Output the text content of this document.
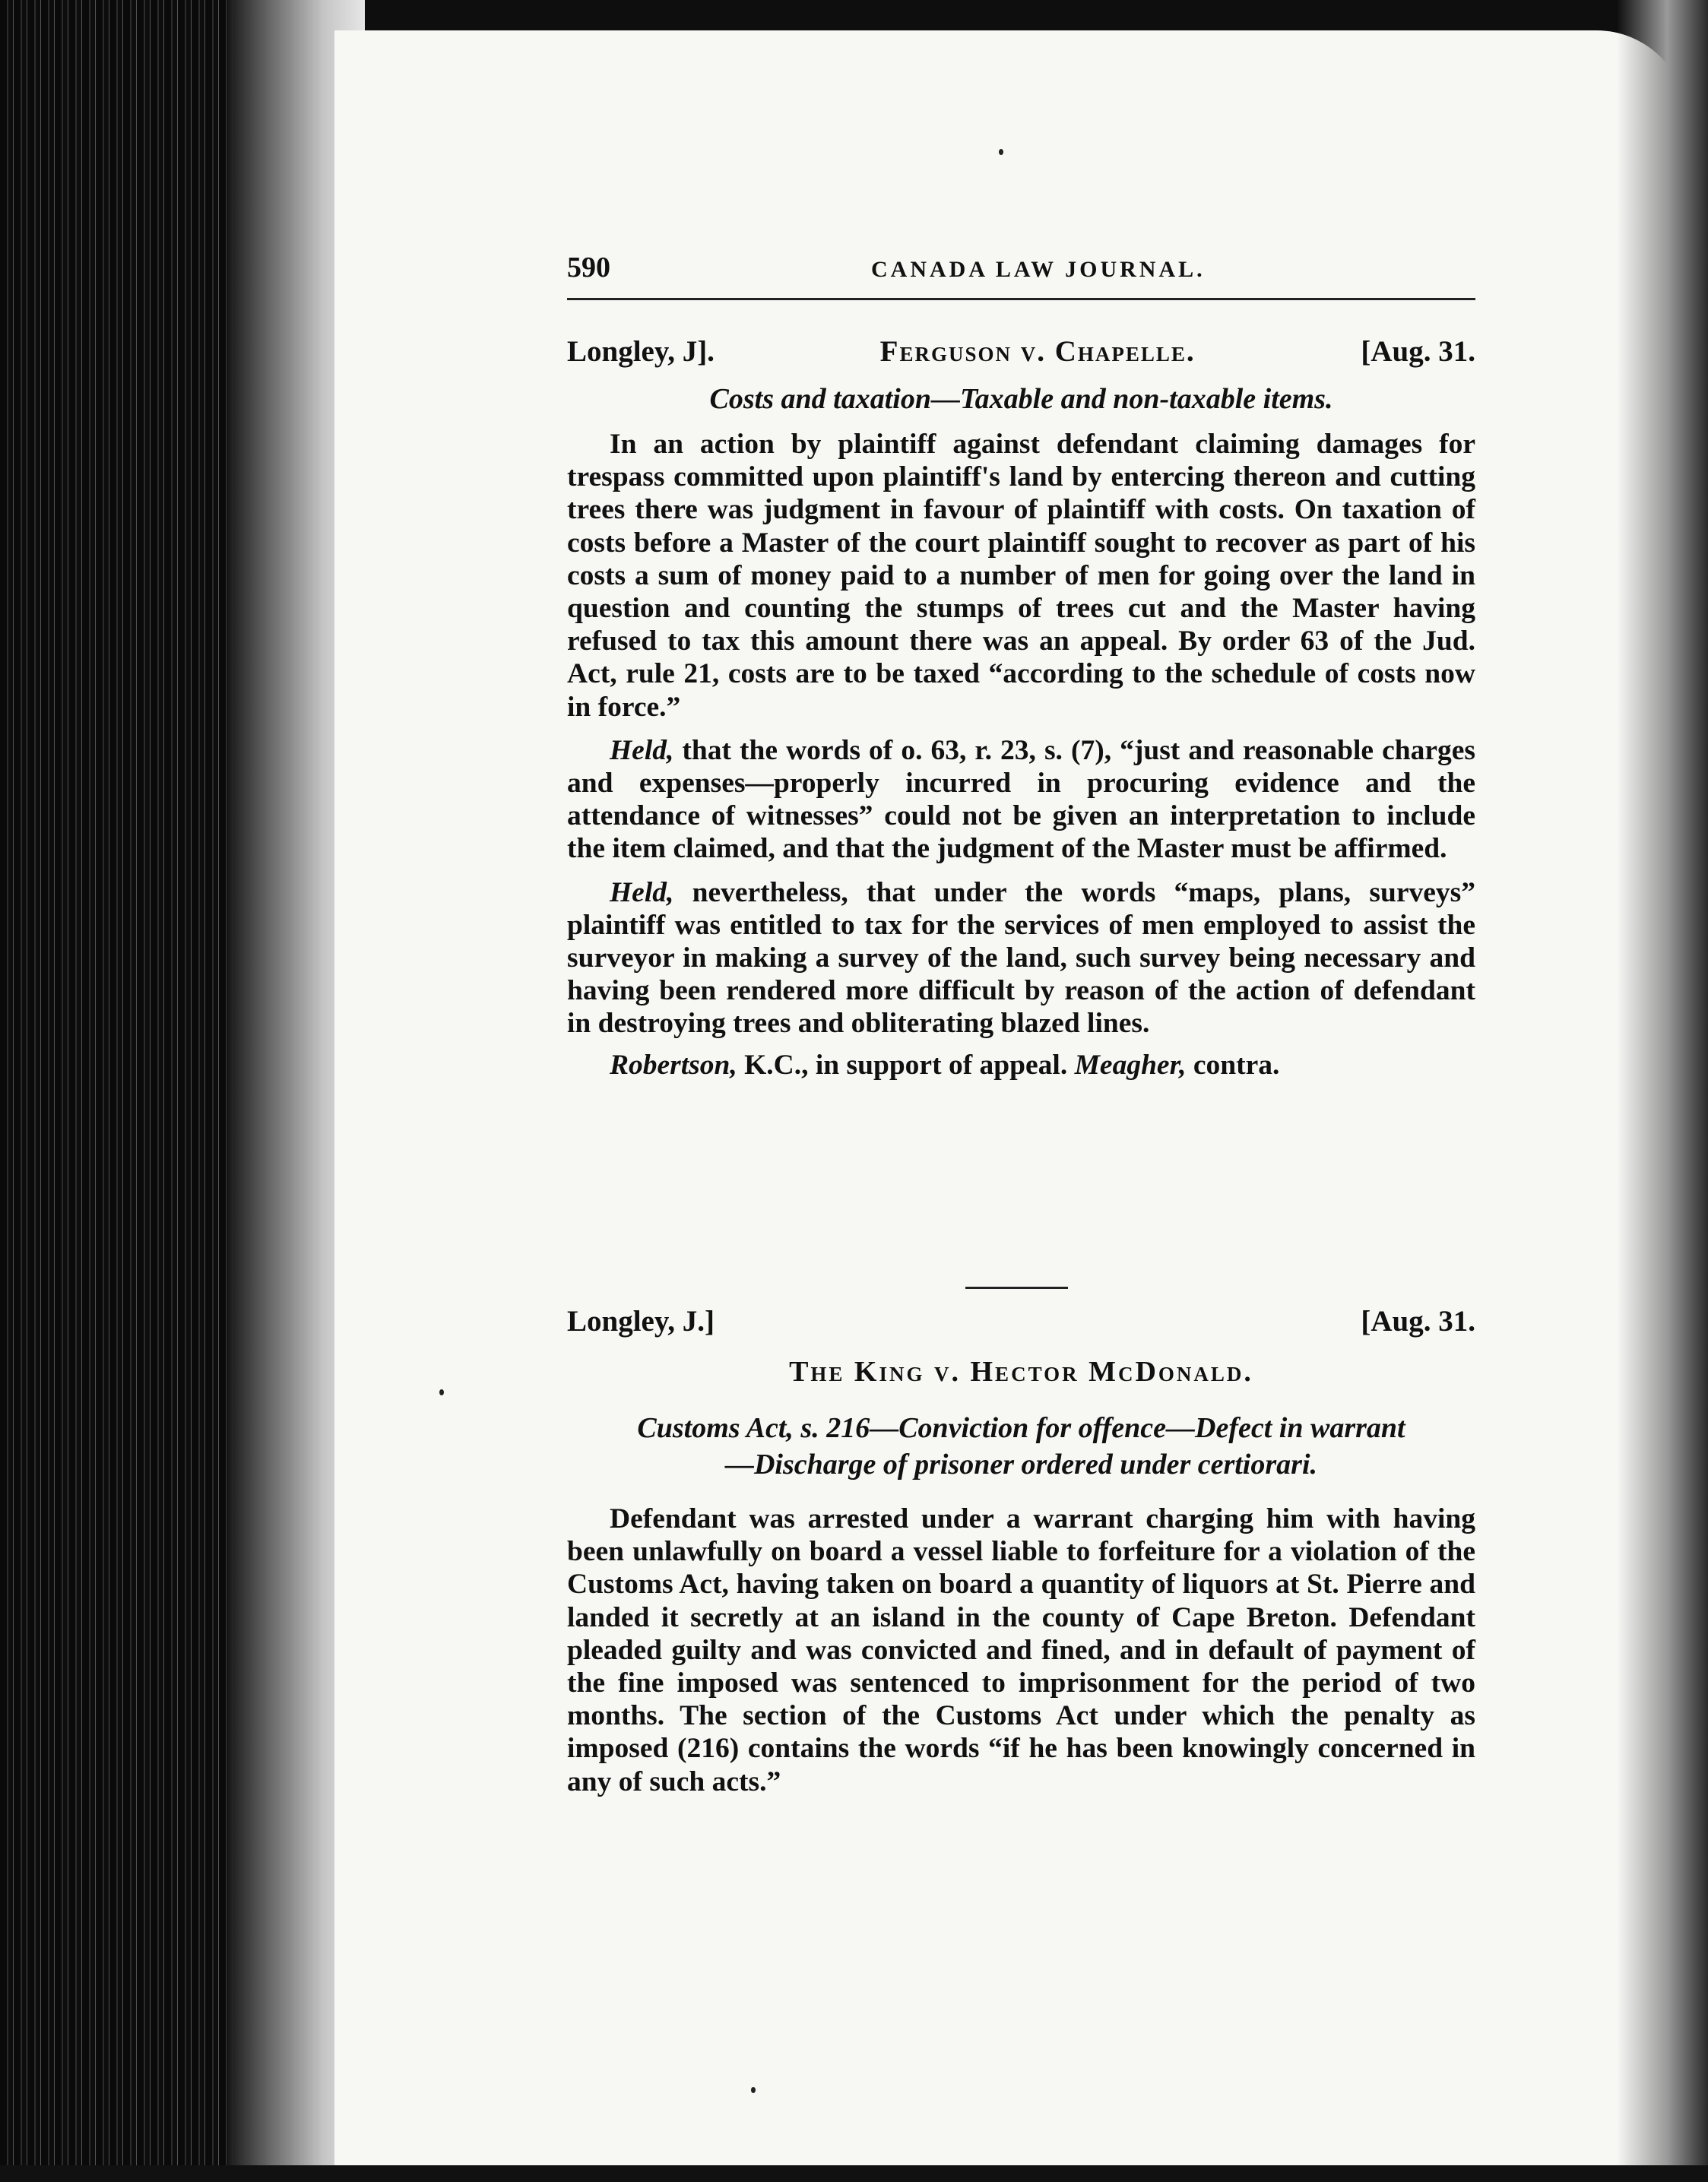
590	CANADA LAW JOURNAL.
Longley, J].	Ferguson v. Chapelle.	[Aug. 31.
Costs and taxation—Taxable and non-taxable items.

In an action by plaintiff against defendant claiming damages for trespass committed upon plaintiff's land by entercing thereon and cutting trees there was judgment in favour of plaintiff with costs. On taxation of costs before a Master of the court plaintiff sought to recover as part of his costs a sum of money paid to a number of men for going over the land in question and counting the stumps of trees cut and the Master having refused to tax this amount there was an appeal. By order 63 of the Jud. Act, rule 21, costs are to be taxed “according to the schedule of costs now in force.”

Held, that the words of o. 63, r. 23, s. (7), “just and reasonable charges and expenses—properly incurred in procuring evidence and the attendance of witnesses” could not be given an interpretation to include the item claimed, and that the judgment of the Master must be affirmed.

Held, nevertheless, that under the words “maps, plans, surveys” plaintiff was entitled to tax for the services of men employed to assist the surveyor in making a survey of the land, such survey being necessary and having been rendered more difficult by reason of the action of defendant in destroying trees and obliterating blazed lines.

Robertson, K.C., in support of appeal. Meagher, contra.
Longley, J.]	[Aug. 31.
The King v. Hector McDonald.
Customs Act, s. 216—Conviction for offence—Defect in warrant
—Discharge of prisoner ordered under certiorari.

Defendant was arrested under a warrant charging him with having been unlawfully on board a vessel liable to forfeiture for a violation of the Customs Act, having taken on board a quantity of liquors at St. Pierre and landed it secretly at an island in the county of Cape Breton. Defendant pleaded guilty and was convicted and fined, and in default of payment of the fine imposed was sentenced to imprisonment for the period of two months. The section of the Customs Act under which the penalty as imposed (216) contains the words “if he has been knowingly concerned in any of such acts.”
